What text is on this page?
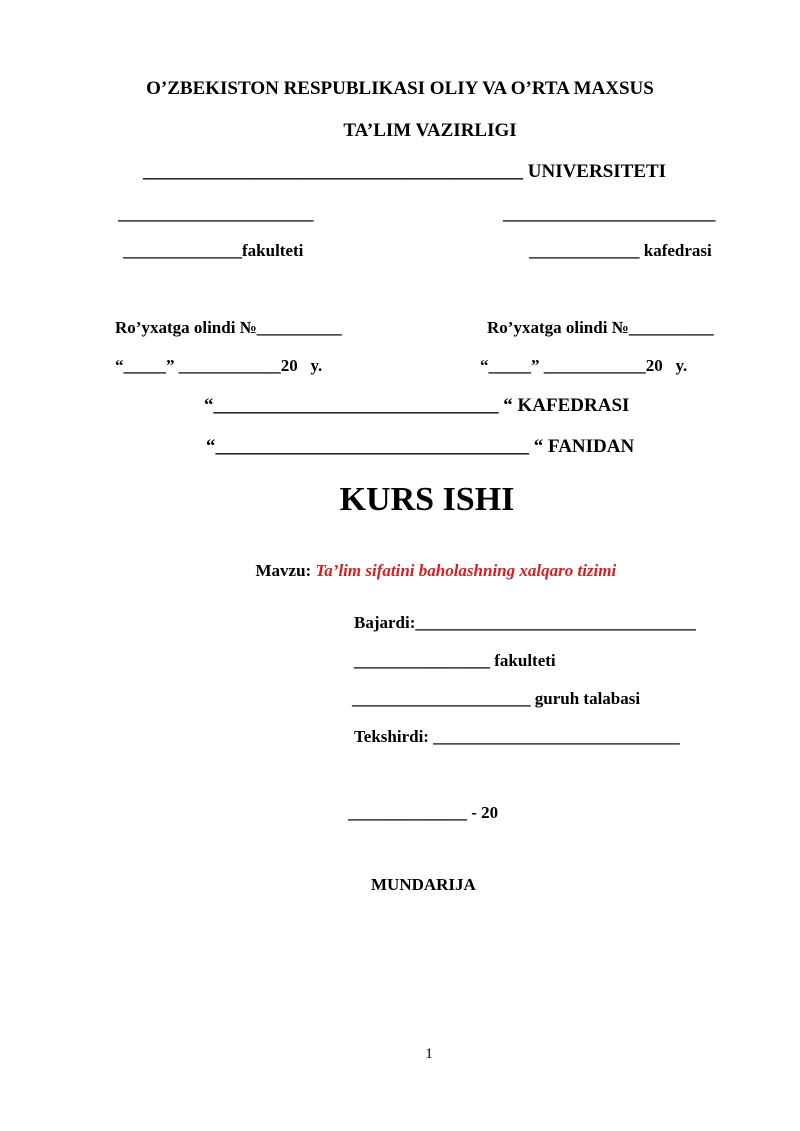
O’ZBEKISTON RESPUBLIKASI OLIY VA O’RTA MAXSUS
TA’LIM VAZIRLIGI
________________________________________ UNIVERSITETI
_______________________	_________________________
______________fakulteti	_____________ kafedrasi
Ro’yxatga olindi №__________	Ro’yxatga olindi №__________
“_____” ____________20   y.	“_____” ____________20   y.
“______________________________ “ KAFEDRASI
“_________________________________ “ FANIDAN
KURS ISHI

Mavzu: Ta’lim sifatini baholashning xalqaro tizimi

Bajardi:_________________________________
________________ fakulteti
_____________________ guruh talabasi
Tekshirdi: _____________________________
______________ - 20
MUNDARIJA
1
